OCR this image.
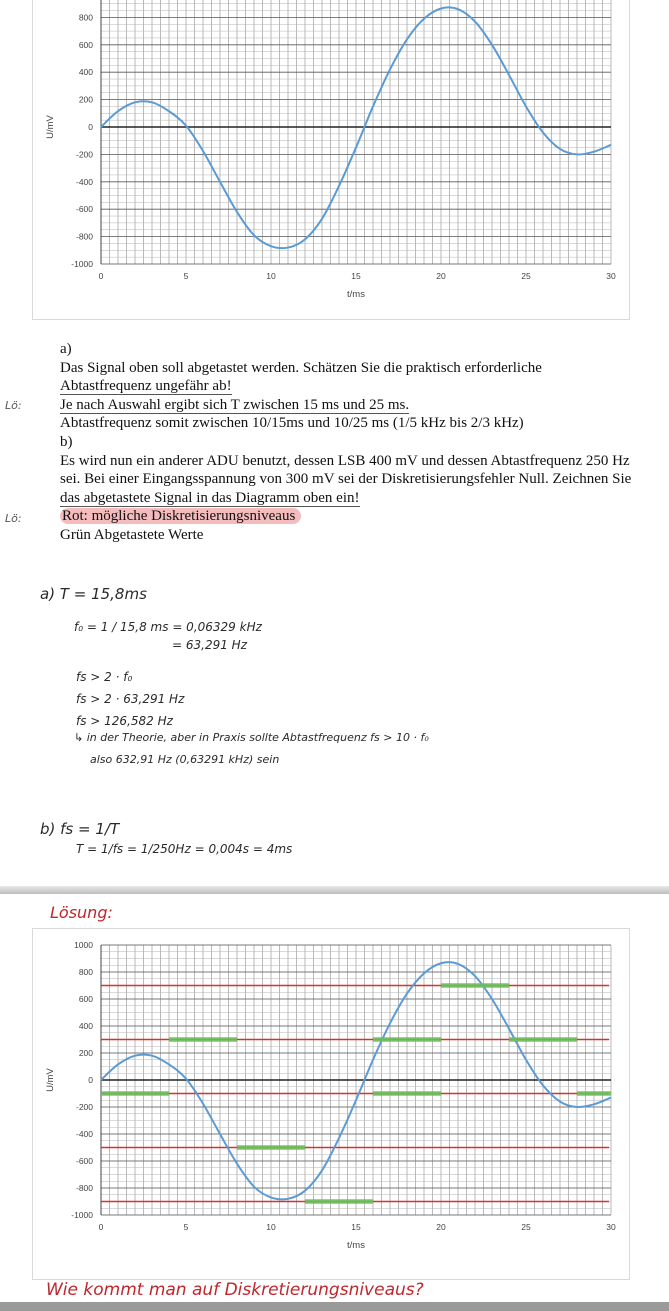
-1000
-800
-600
-400
-200
0
200
400
600
800
0	5	10	15	20	25	30
t/ms
U/mV

a)

Das Signal oben soll abgetastet werden. Schätzen Sie die praktisch erforderliche

Abtastfrequenz ungefähr ab!

Je nach Auswahl ergibt sich T zwischen 15 ms und 25 ms.

Abtastfrequenz somit zwischen 10/15ms und 10/25 ms (1/5 kHz bis 2/3 kHz)

b)

Es wird nun ein anderer ADU benutzt, dessen LSB 400 mV und dessen Abtastfrequenz 250 Hz

sei. Bei einer Eingangsspannung von 300 mV sei der Diskretisierungsfehler Null. Zeichnen Sie

das abgetastete Signal in das Diagramm oben ein!

Rot: mögliche Diskretisierungsniveaus

Grün Abgetastete Werte

Lö:
Lö:
a) T = 15,8ms
f₀ = 1 / 15,8 ms = 0,06329 kHz
= 63,291 Hz
fs > 2 · f₀
fs > 2 · 63,291 Hz
fs > 126,582 Hz
↳ in der Theorie, aber in Praxis sollte Abtastfrequenz fs > 10 · f₀
also 632,91 Hz (0,63291 kHz) sein
b) fs = 1/T
T = 1/fs = 1/250Hz = 0,004s = 4ms
Lösung:
-1000
-800
-600
-400
-200
0
200
400
600
800
1000
0	5	10	15	20	25	30
t/ms
U/mV
Wie kommt man auf Diskretierungsniveaus?
